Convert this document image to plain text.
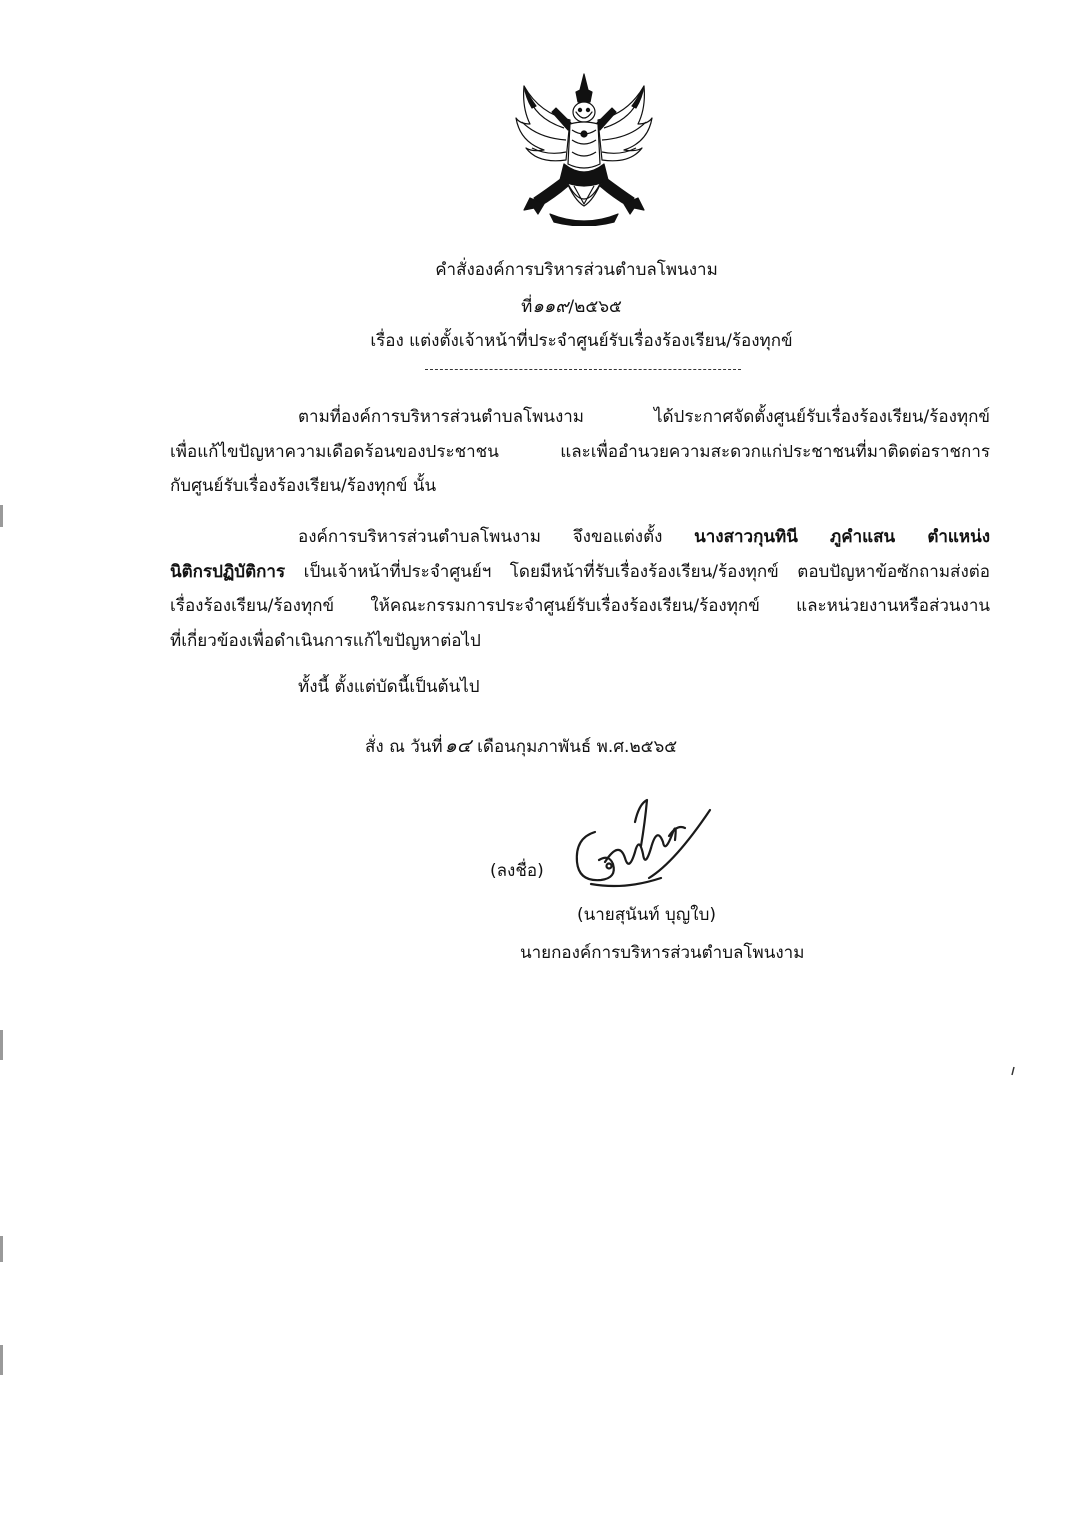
คำสั่งองค์การบริหารส่วนตำบลโพนงาม
ที่๑๑๙/๒๕๖๕
เรื่อง แต่งตั้งเจ้าหน้าที่ประจำศูนย์รับเรื่องร้องเรียน/ร้องทุกข์
ตามที่องค์การบริหารส่วนตำบลโพนงาม ได้ประกาศจัดตั้งศูนย์รับเรื่องร้องเรียน/ร้องทุกข์
เพื่อแก้ไขปัญหาความเดือดร้อนของประชาชน และเพื่ออำนวยความสะดวกแก่ประชาชนที่มาติดต่อราชการ
กับศูนย์รับเรื่องร้องเรียน/ร้องทุกข์ นั้น
องค์การบริหารส่วนตำบลโพนงาม จึงขอแต่งตั้ง นางสาวกุนทินี ภูคำแสน ตำแหน่ง
นิติกรปฏิบัติการ เป็นเจ้าหน้าที่ประจำศูนย์ฯ โดยมีหน้าที่รับเรื่องร้องเรียน/ร้องทุกข์ ตอบปัญหาข้อซักถามส่งต่อ
เรื่องร้องเรียน/ร้องทุกข์ ให้คณะกรรมการประจำศูนย์รับเรื่องร้องเรียน/ร้องทุกข์ และหน่วยงานหรือส่วนงาน
ที่เกี่ยวข้องเพื่อดำเนินการแก้ไขปัญหาต่อไป
ทั้งนี้ ตั้งแต่บัดนี้เป็นต้นไป
สั่ง ณ วันที่ ๑๔ เดือนกุมภาพันธ์ พ.ศ.๒๕๖๕
(ลงชื่อ)
(นายสุนันท์ บุญใบ)
นายกองค์การบริหารส่วนตำบลโพนงาม
